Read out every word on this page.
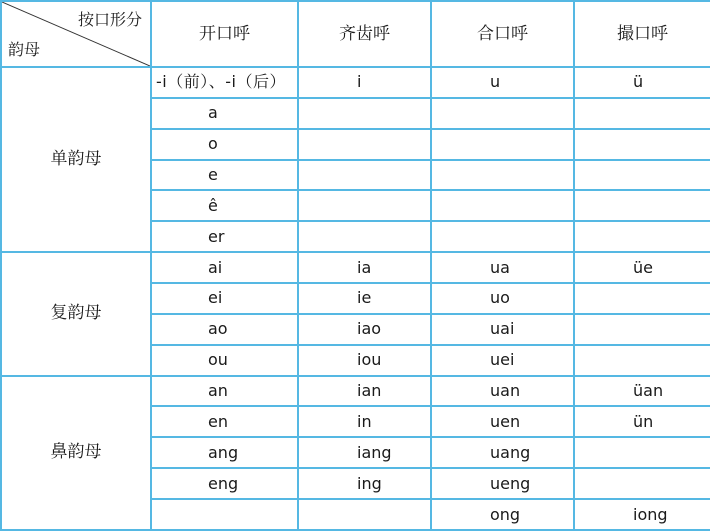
按口形分
韵母	开口呼	齐齿呼	合口呼	撮口呼
单韵母	-i（前）、-i（后）	i	u	ü
	a			
	o			
	e			
	ê			
	er			
复韵母	ai	ia	ua	üe
	ei	ie	uo	
	ao	iao	uai	
	ou	iou	uei	
鼻韵母	an	ian	uan	üan
	en	in	uen	ün
	ang	iang	uang	
	eng	ing	ueng	
			ong	iong
